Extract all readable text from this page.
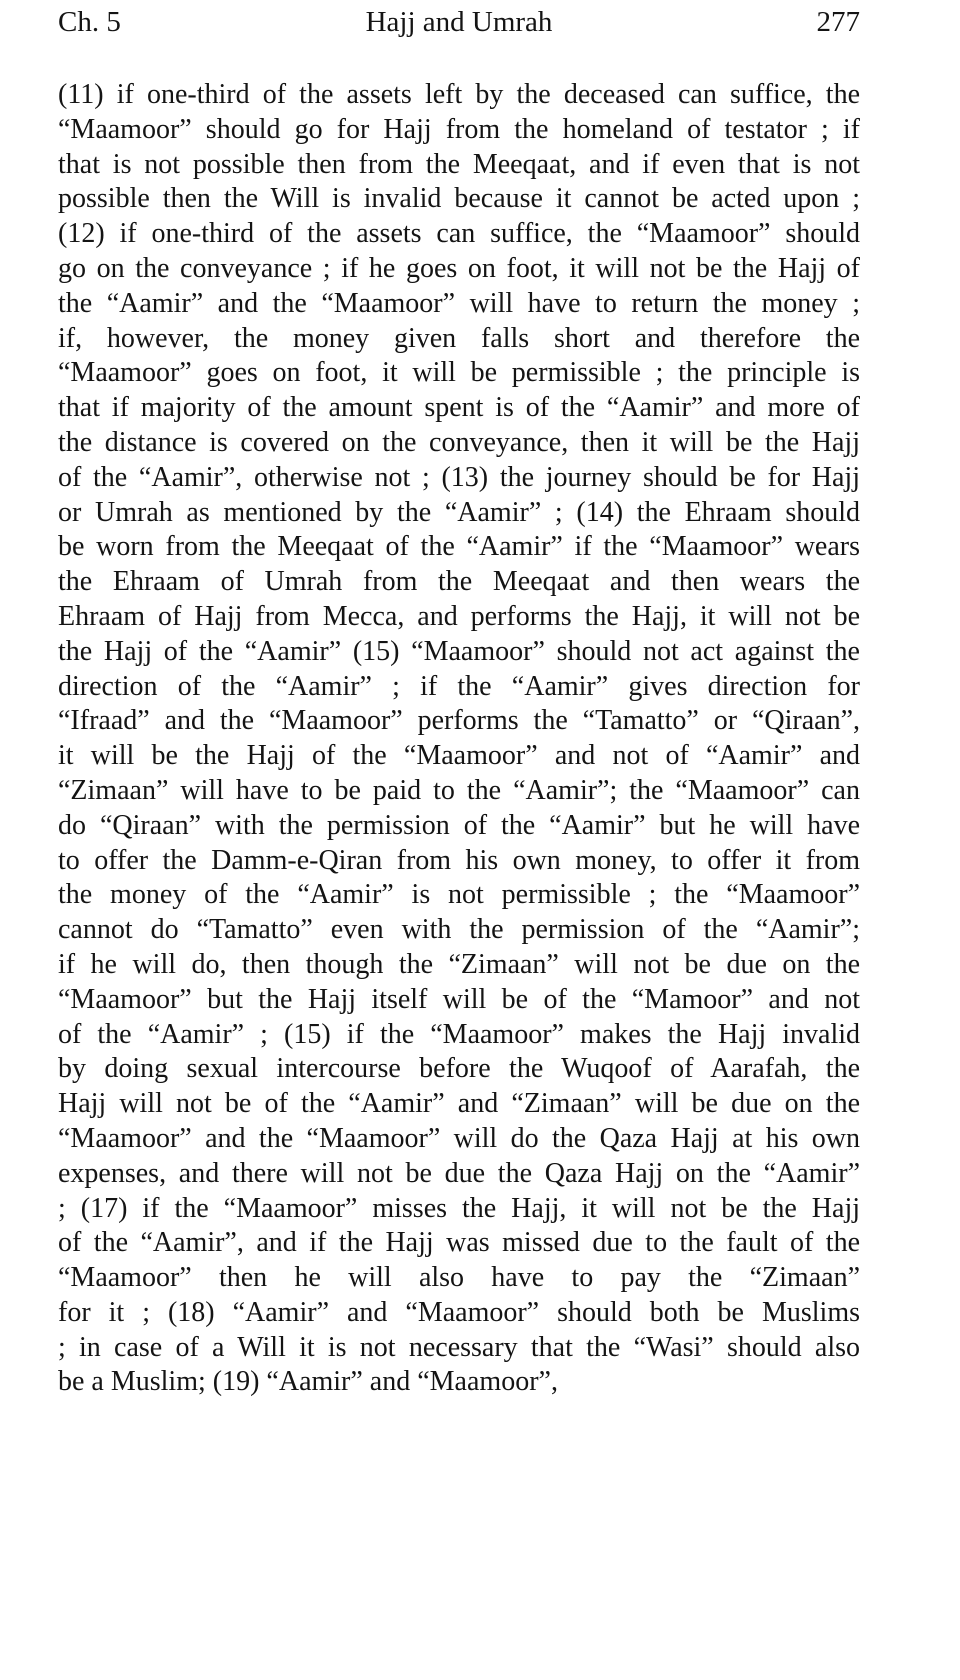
Hajj and Umrah
Ch. 5	277
(11) if one-third of the assets left by the deceased can suffice, the
“Maamoor” should go for Hajj from the homeland of testator ; if
that is not possible then from the Meeqaat, and if even that is not
possible then the Will is invalid because it cannot be acted upon ;
(12) if one-third of the assets can suffice, the “Maamoor” should
go on the conveyance ; if he goes on foot, it will not be the Hajj of
the “Aamir” and the “Maamoor” will have to return the money ;
if, however, the money given falls short and therefore the
“Maamoor” goes on foot, it will be permissible ; the principle is
that if majority of the amount spent is of the “Aamir” and more of
the distance is covered on the conveyance, then it will be the Hajj
of the “Aamir”, otherwise not ; (13) the journey should be for Hajj
or Umrah as mentioned by the “Aamir” ; (14) the Ehraam should
be worn from the Meeqaat of the “Aamir” if the “Maamoor” wears
the Ehraam of Umrah from the Meeqaat and then wears the
Ehraam of Hajj from Mecca, and performs the Hajj, it will not be
the Hajj of the “Aamir” (15) “Maamoor” should not act against the
direction of the “Aamir” ; if the “Aamir” gives direction for
“Ifraad” and the “Maamoor” performs the “Tamatto” or “Qiraan”,
it will be the Hajj of the “Maamoor” and not of “Aamir” and
“Zimaan” will have to be paid to the “Aamir”; the “Maamoor” can
do “Qiraan” with the permission of the “Aamir” but he will have
to offer the Damm-e-Qiran from his own money, to offer it from
the money of the “Aamir” is not permissible ; the “Maamoor”
cannot do “Tamatto” even with the permission of the “Aamir”;
if he will do, then though the “Zimaan” will not be due on the
“Maamoor” but the Hajj itself will be of the “Mamoor” and not
of the “Aamir” ; (15) if the “Maamoor” makes the Hajj invalid
by doing sexual intercourse before the Wuqoof of Aarafah, the
Hajj will not be of the “Aamir” and “Zimaan” will be due on the
“Maamoor” and the “Maamoor” will do the Qaza Hajj at his own
expenses, and there will not be due the Qaza Hajj on the “Aamir”
; (17) if the “Maamoor” misses the Hajj, it will not be the Hajj
of the “Aamir”, and if the Hajj was missed due to the fault of the
“Maamoor” then he will also have to pay the “Zimaan”
for it ; (18) “Aamir” and “Maamoor” should both be Muslims
; in case of a Will it is not necessary that the “Wasi” should also
be a Muslim; (19) “Aamir” and “Maamoor”,
